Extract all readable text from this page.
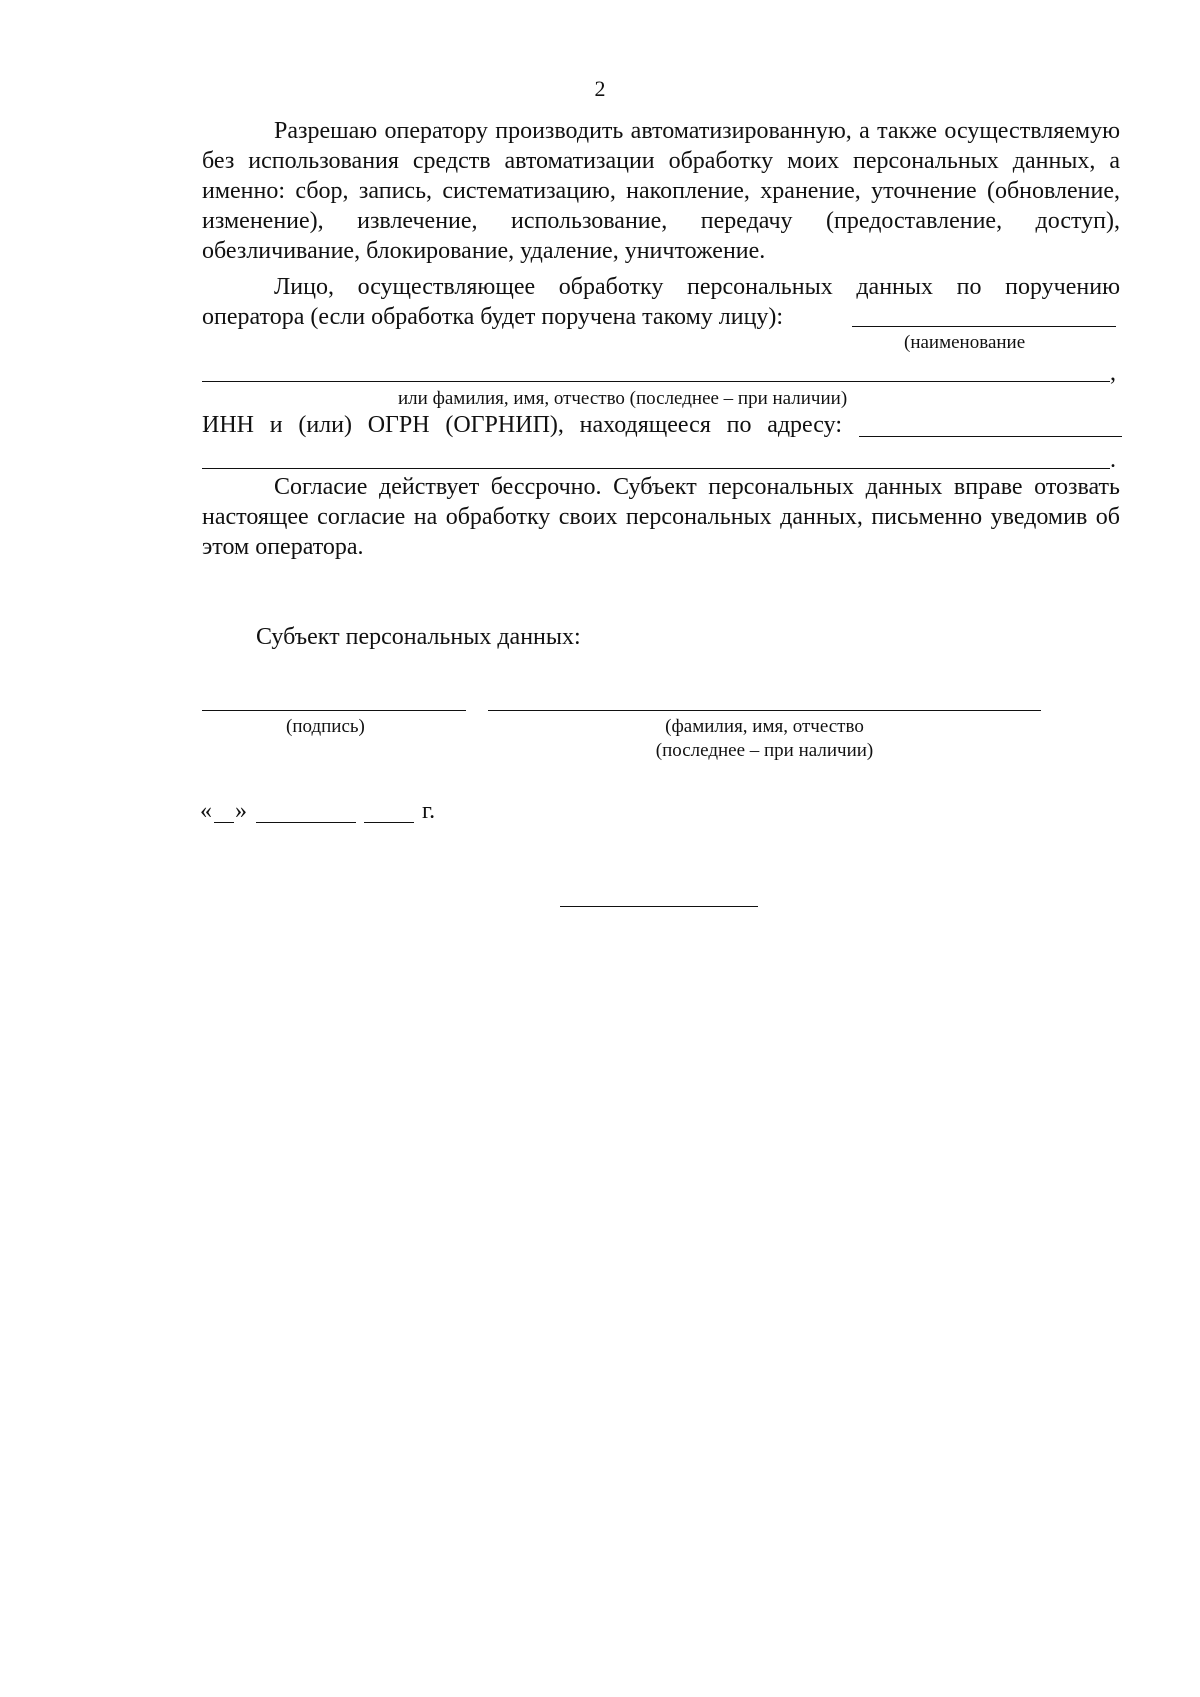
2

Разрешаю оператору производить автоматизированную, а также осуществляемую без использования средств автоматизации обработку моих персональных данных, а именно: сбор, запись, систематизацию, накопление, хранение, уточнение (обновление, изменение), извлечение, использование, передачу (предоставление, доступ), обезличивание, блокирование, удаление, уничтожение.

Лицо, осуществляющее обработку персональных данных по поручению
оператора (если обработка будет поручена такому лицу):
(наименование
,
или фамилия, имя, отчество (последнее – при наличии)
ИНН и (или) ОГРН (ОГРНИП), находящееся по адресу:
.

Согласие действует бессрочно. Субъект персональных данных вправе отозвать настоящее согласие на обработку своих персональных данных, письменно уведомив об этом оператора.

Субъект персональных данных:
(подпись)	(фамилия, имя, отчество
(последнее – при наличии)
« »	г.
